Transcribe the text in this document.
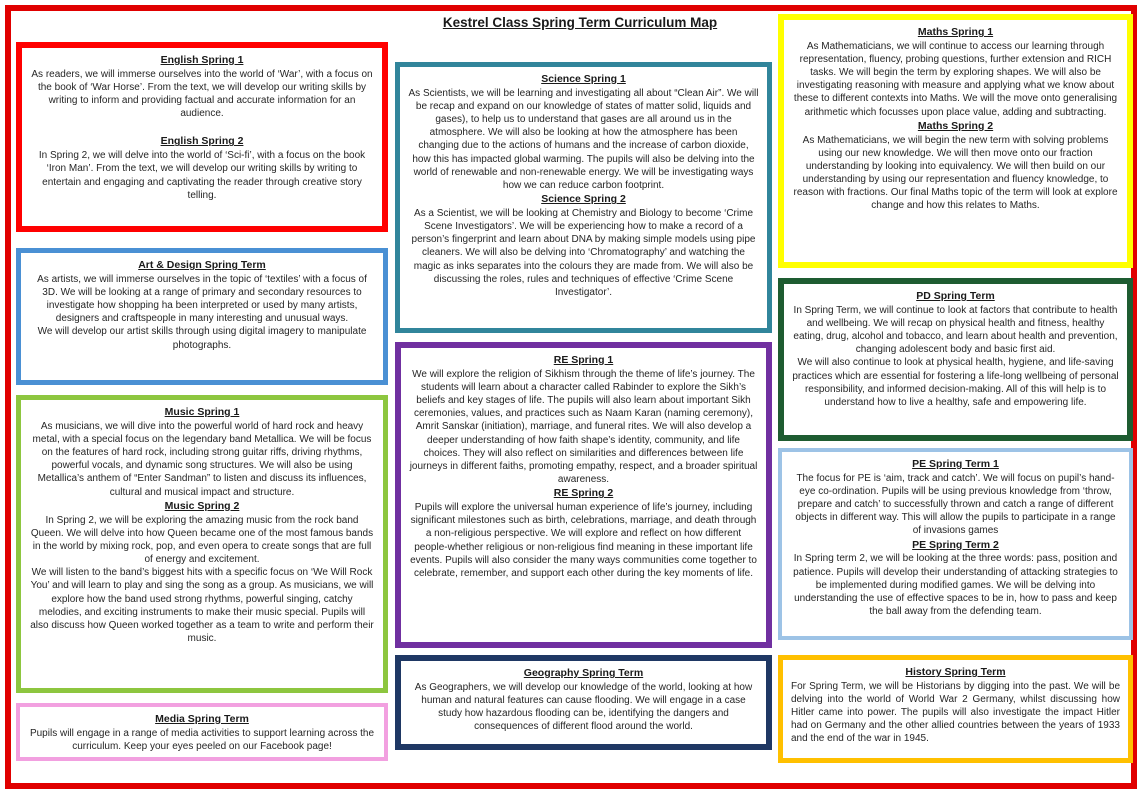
Kestrel Class Spring Term Curriculum Map
English Spring 1

As readers, we will immerse ourselves into the world of ‘War’, with a focus on the book of ‘War Horse’. From the text, we will develop our writing skills by writing to inform and providing factual and accurate information for an audience.

English Spring 2

In Spring 2, we will delve into the world of ‘Sci-fi’, with a focus on the book ‘Iron Man’. From the text, we will develop our writing skills by writing to entertain and engaging and captivating the reader through creative story telling.

Art & Design Spring Term

As artists, we will immerse ourselves in the topic of ‘textiles’ with a focus of 3D. We will be looking at a range of primary and secondary resources to investigate how shopping ha been interpreted or used by many artists, designers and craftspeople in many interesting and unusual ways.

We will develop our artist skills through using digital imagery to manipulate photographs.

Music Spring 1

As musicians, we will dive into the powerful world of hard rock and heavy metal, with a special focus on the legendary band Metallica. We will be focus on the features of hard rock, including strong guitar riffs, driving rhythms, powerful vocals, and dynamic song structures. We will also be using Metallica’s anthem of “Enter Sandman” to listen and discuss its influences, cultural and musical impact and structure.

Music Spring 2

In Spring 2, we will be exploring the amazing music from the rock band Queen. We will delve into how Queen became one of the most famous bands in the world by mixing rock, pop, and even opera to create songs that are full of energy and excitement.

We will listen to the band’s biggest hits with a specific focus on ‘We Will Rock You’ and will learn to play and sing the song as a group. As musicians, we will explore how the band used strong rhythms, powerful singing, catchy melodies, and exciting instruments to make their music special. Pupils will also discuss how Queen worked together as a team to write and perform their music.

Media Spring Term

Pupils will engage in a range of media activities to support learning across the curriculum. Keep your eyes peeled on our Facebook page!

Science Spring 1

As Scientists, we will be learning and investigating all about “Clean Air”. We will be recap and expand on our knowledge of states of matter solid, liquids and gases), to help us to understand that gases are all around us in the atmosphere. We will also be looking at how the atmosphere has been changing due to the actions of humans and the increase of carbon dioxide, how this has impacted global warming. The pupils will also be delving into the world of renewable and non-renewable energy. We will be investigating ways how we can reduce carbon footprint.

Science Spring 2

As a Scientist, we will be looking at Chemistry and Biology to become ‘Crime Scene Investigators’. We will be experiencing how to make a record of a person’s fingerprint and learn about DNA by making simple models using pipe cleaners. We will also be delving into ‘Chromatography’ and watching the magic as inks separates into the colours they are made from. We will also be discussing the roles, rules and techniques of effective ‘Crime Scene Investigator’.

RE Spring 1

We will explore the religion of Sikhism through the theme of life’s journey. The students will learn about a character called Rabinder to explore the Sikh’s beliefs and key stages of life. The pupils will also learn about important Sikh ceremonies, values, and practices such as Naam Karan (naming ceremony), Amrit Sanskar (initiation), marriage, and funeral rites. We will also develop a deeper understanding of how faith shape’s identity, community, and life choices. They will also reflect on similarities and differences between life journeys in different faiths, promoting empathy, respect, and a broader spiritual awareness.

RE Spring 2

Pupils will explore the universal human experience of life’s journey, including significant milestones such as birth, celebrations, marriage, and death through a non-religious perspective. We will explore and reflect on how different people-whether religious or non-religious find meaning in these important life events. Pupils will also consider the many ways communities come together to celebrate, remember, and support each other during the key moments of life.

Geography Spring Term

As Geographers, we will develop our knowledge of the world, looking at how human and natural features can cause flooding. We will engage in a case study how hazardous flooding can be, identifying the dangers and consequences of different flood around the world.

Maths Spring 1

As Mathematicians, we will continue to access our learning through representation, fluency, probing questions, further extension and RICH tasks. We will begin the term by exploring shapes. We will also be investigating reasoning with measure and applying what we know about these to different contexts into Maths. We will the move onto generalising arithmetic which focusses upon place value, adding and subtracting.

Maths Spring 2

As Mathematicians, we will begin the new term with solving problems using our new knowledge. We will then move onto our fraction understanding by looking into equivalency. We will then build on our understanding by using our representation and fluency knowledge, to reason with fractions. Our final Maths topic of the term will look at explore change and how this relates to Maths.

PD Spring Term

In Spring Term, we will continue to look at factors that contribute to health and wellbeing. We will recap on physical health and fitness, healthy eating, drug, alcohol and tobacco, and learn about health and prevention, changing adolescent body and basic first aid.

We will also continue to look at physical health, hygiene, and life-saving practices which are essential for fostering a life-long wellbeing of personal responsibility, and informed decision-making. All of this will help is to understand how to live a healthy, safe and empowering life.

PE Spring Term 1

The focus for PE is ‘aim, track and catch’. We will focus on pupil’s hand-eye co-ordination. Pupils will be using previous knowledge from ‘throw, prepare and catch’ to successfully thrown and catch a range of different objects in different way. This will allow the pupils to participate in a range of invasions games

PE Spring Term 2

In Spring term 2, we will be looking at the three words: pass, position and patience. Pupils will develop their understanding of attacking strategies to be implemented during modified games. We will be delving into understanding the use of effective spaces to be in, how to pass and keep the ball away from the defending team.

History Spring Term

For Spring Term, we will be Historians by digging into the past. We will be delving into the world of World War 2 Germany, whilst discussing how Hitler came into power. The pupils will also investigate the impact Hitler had on Germany and the other allied countries between the years of 1933 and the end of the war in 1945.
